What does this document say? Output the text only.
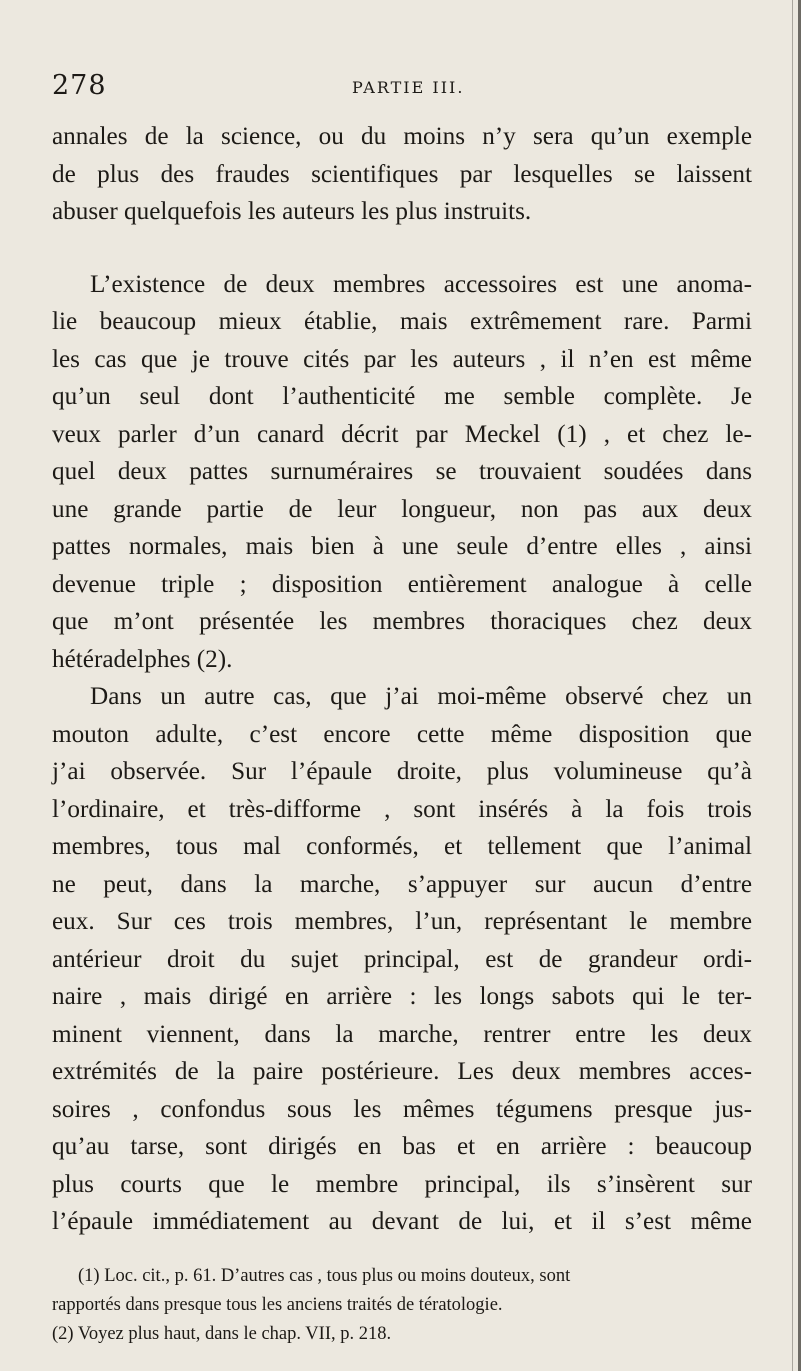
278	PARTIE III.
annales de la science, ou du moins n’y sera qu’un exemple
de plus des fraudes scientifiques par lesquelles se laissent
abuser quelquefois les auteurs les plus instruits.
L’existence de deux membres accessoires est une anoma-
lie beaucoup mieux établie, mais extrêmement rare. Parmi
les cas que je trouve cités par les auteurs , il n’en est même
qu’un seul dont l’authenticité me semble complète. Je
veux parler d’un canard décrit par Meckel (1) , et chez le-
quel deux pattes surnuméraires se trouvaient soudées dans
une grande partie de leur longueur, non pas aux deux
pattes normales, mais bien à une seule d’entre elles , ainsi
devenue triple ; disposition entièrement analogue à celle
que m’ont présentée les membres thoraciques chez deux
hétéradelphes (2).
Dans un autre cas, que j’ai moi-même observé chez un
mouton adulte, c’est encore cette même disposition que
j’ai observée. Sur l’épaule droite, plus volumineuse qu’à
l’ordinaire, et très-difforme , sont insérés à la fois trois
membres, tous mal conformés, et tellement que l’animal
ne peut, dans la marche, s’appuyer sur aucun d’entre
eux. Sur ces trois membres, l’un, représentant le membre
antérieur droit du sujet principal, est de grandeur ordi-
naire , mais dirigé en arrière : les longs sabots qui le ter-
minent viennent, dans la marche, rentrer entre les deux
extrémités de la paire postérieure. Les deux membres acces-
soires , confondus sous les mêmes tégumens presque jus-
qu’au tarse, sont dirigés en bas et en arrière : beaucoup
plus courts que le membre principal, ils s’insèrent sur
l’épaule immédiatement au devant de lui, et il s’est même
(1) Loc. cit., p. 61. D’autres cas , tous plus ou moins douteux, sont
rapportés dans presque tous les anciens traités de tératologie.
(2) Voyez plus haut, dans le chap. VII, p. 218.
